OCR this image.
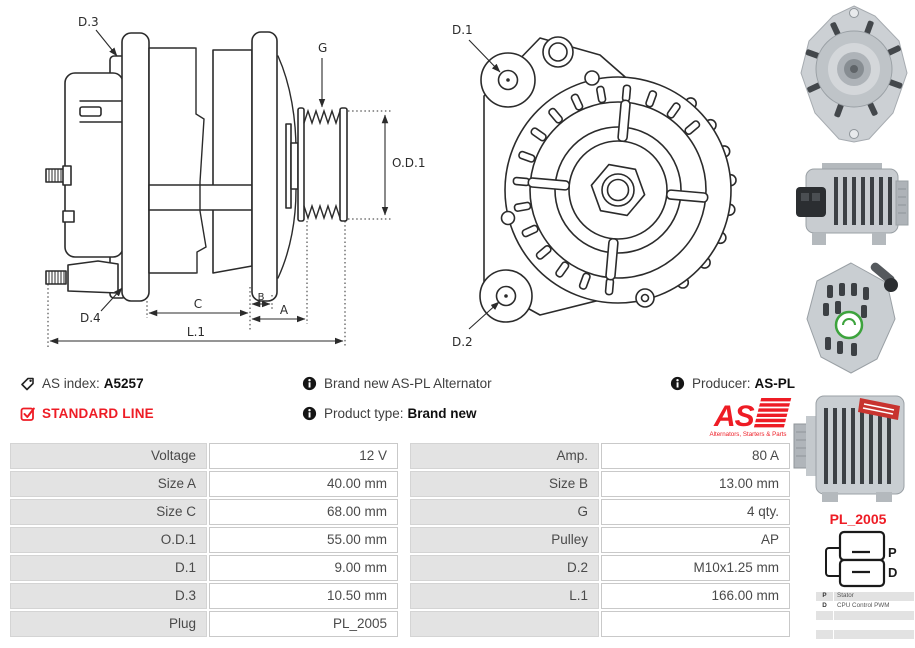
D.3
D.4
G
O.D.1
C	B
A
L.1
D.1
D.2
AS index: A5257	Brand new AS-PL Alternator	Producer: AS-PL
STANDARD LINE	Product type: Brand new	AS
Alternators, Starters & Parts
Voltage	12 V	Amp.	80 A
Size A	40.00 mm	Size B	13.00 mm
Size C	68.00 mm	G	4 qty.
O.D.1	55.00 mm	Pulley	AP
D.1	9.00 mm	D.2	M10x1.25 mm
D.3	10.50 mm	L.1	166.00 mm
Plug	PL_2005
PL_2005
P
D
P	Stator
D	CPU Control PWM
